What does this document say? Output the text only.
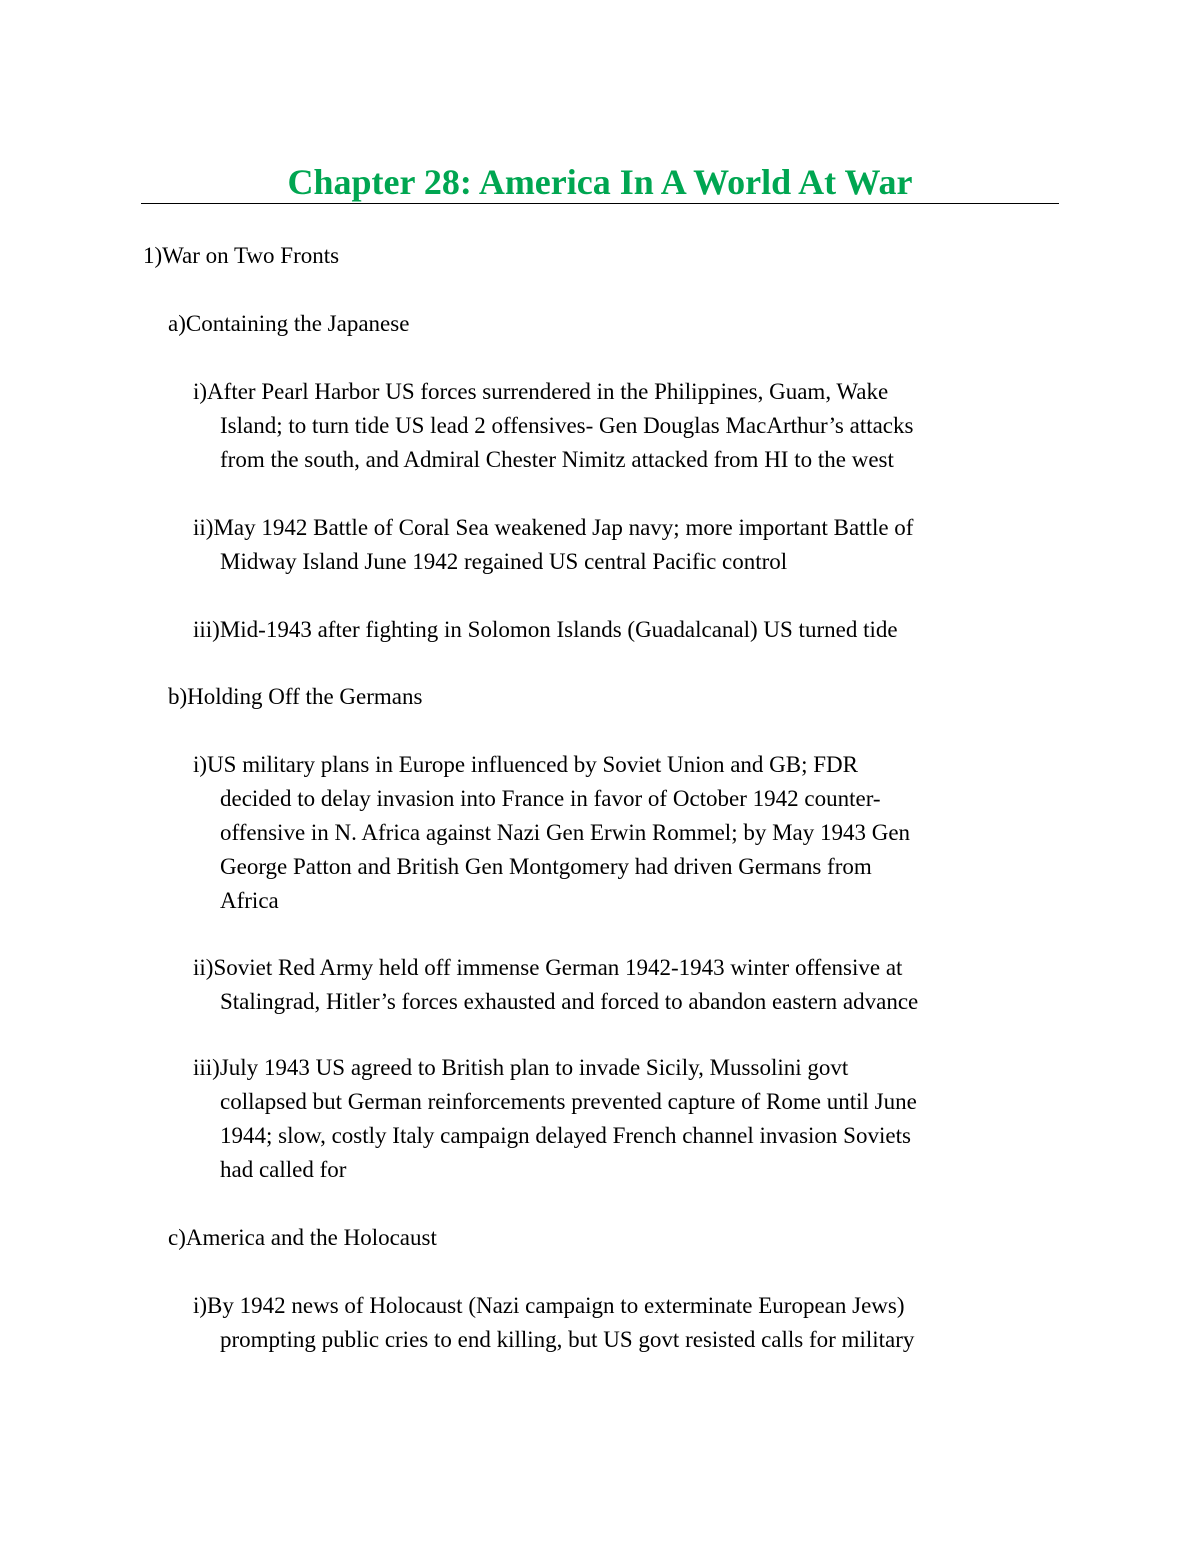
Chapter 28: America In A World At War
1)War on Two Fronts
a)Containing the Japanese
i)After Pearl Harbor US forces surrendered in the Philippines, Guam, Wake
Island; to turn tide US lead 2 offensives- Gen Douglas MacArthur’s attacks
from the south, and Admiral Chester Nimitz attacked from HI to the west
ii)May 1942 Battle of Coral Sea weakened Jap navy; more important Battle of
Midway Island June 1942 regained US central Pacific control
iii)Mid-1943 after fighting in Solomon Islands (Guadalcanal) US turned tide
b)Holding Off the Germans
i)US military plans in Europe influenced by Soviet Union and GB; FDR
decided to delay invasion into France in favor of October 1942 counter-
offensive in N. Africa against Nazi Gen Erwin Rommel; by May 1943 Gen
George Patton and British Gen Montgomery had driven Germans from
Africa
ii)Soviet Red Army held off immense German 1942-1943 winter offensive at
Stalingrad, Hitler’s forces exhausted and forced to abandon eastern advance
iii)July 1943 US agreed to British plan to invade Sicily, Mussolini govt
collapsed but German reinforcements prevented capture of Rome until June
1944; slow, costly Italy campaign delayed French channel invasion Soviets
had called for
c)America and the Holocaust
i)By 1942 news of Holocaust (Nazi campaign to exterminate European Jews)
prompting public cries to end killing, but US govt resisted calls for military
